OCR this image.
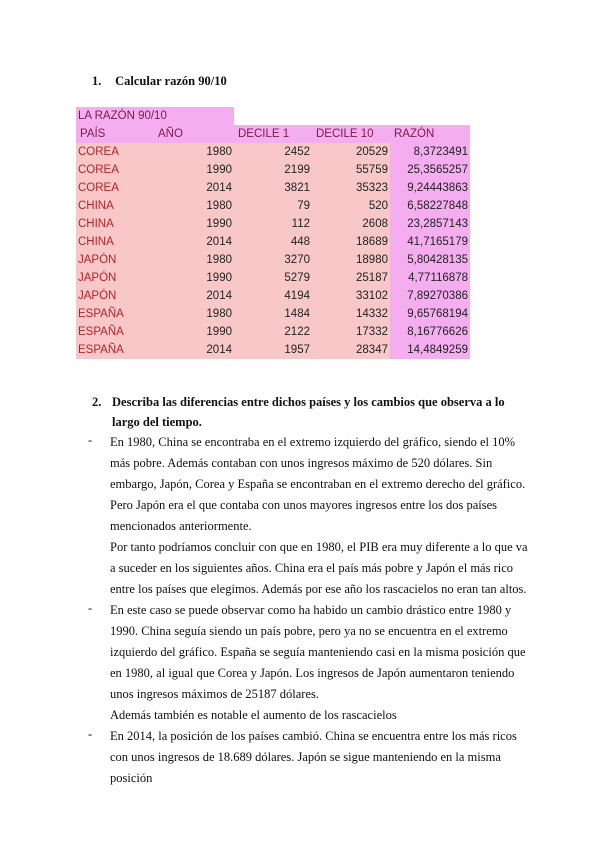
1. Calcular razón 90/10
LA RAZÓN 90/10
PAÍS	AÑO	DECILE 1	DECILE 10	RAZÓN
COREA	1980	2452	20529	8,3723491
COREA	1990	2199	55759	25,3565257
COREA	2014	3821	35323	9,24443863
CHINA	1980	79	520	6,58227848
CHINA	1990	112	2608	23,2857143
CHINA	2014	448	18689	41,7165179
JAPÓN	1980	3270	18980	5,80428135
JAPÓN	1990	5279	25187	4,77116878
JAPÓN	2014	4194	33102	7,89270386
ESPAÑA	1980	1484	14332	9,65768194
ESPAÑA	1990	2122	17332	8,16776626
ESPAÑA	2014	1957	28347	14,4849259
2. Describa las diferencias entre dichos países y los cambios que observa a lo largo del tiempo.
- En 1980, China se encontraba en el extremo izquierdo del gráfico, siendo el 10% más pobre. Además contaban con unos ingresos máximo de 520 dólares. Sin embargo, Japón, Corea y España se encontraban en el extremo derecho del gráfico. Pero Japón era el que contaba con unos mayores ingresos entre los dos países mencionados anteriormente.
Por tanto podríamos concluir con que en 1980, el PIB era muy diferente a lo que va a suceder en los siguientes años. China era el país más pobre y Japón el más rico entre los países que elegimos. Además por ese año los rascacielos no eran tan altos.
- En este caso se puede observar como ha habido un cambio drástico entre 1980 y 1990. China seguía siendo un país pobre, pero ya no se encuentra en el extremo izquierdo del gráfico. España se seguía manteniendo casi en la misma posición que en 1980, al igual que Corea y Japón. Los ingresos de Japón aumentaron teniendo unos ingresos máximos de 25187 dólares.
Además también es notable el aumento de los rascacielos
- En 2014, la posición de los países cambió. China se encuentra entre los más ricos con unos ingresos de 18.689 dólares. Japón se sigue manteniendo en la misma posición
